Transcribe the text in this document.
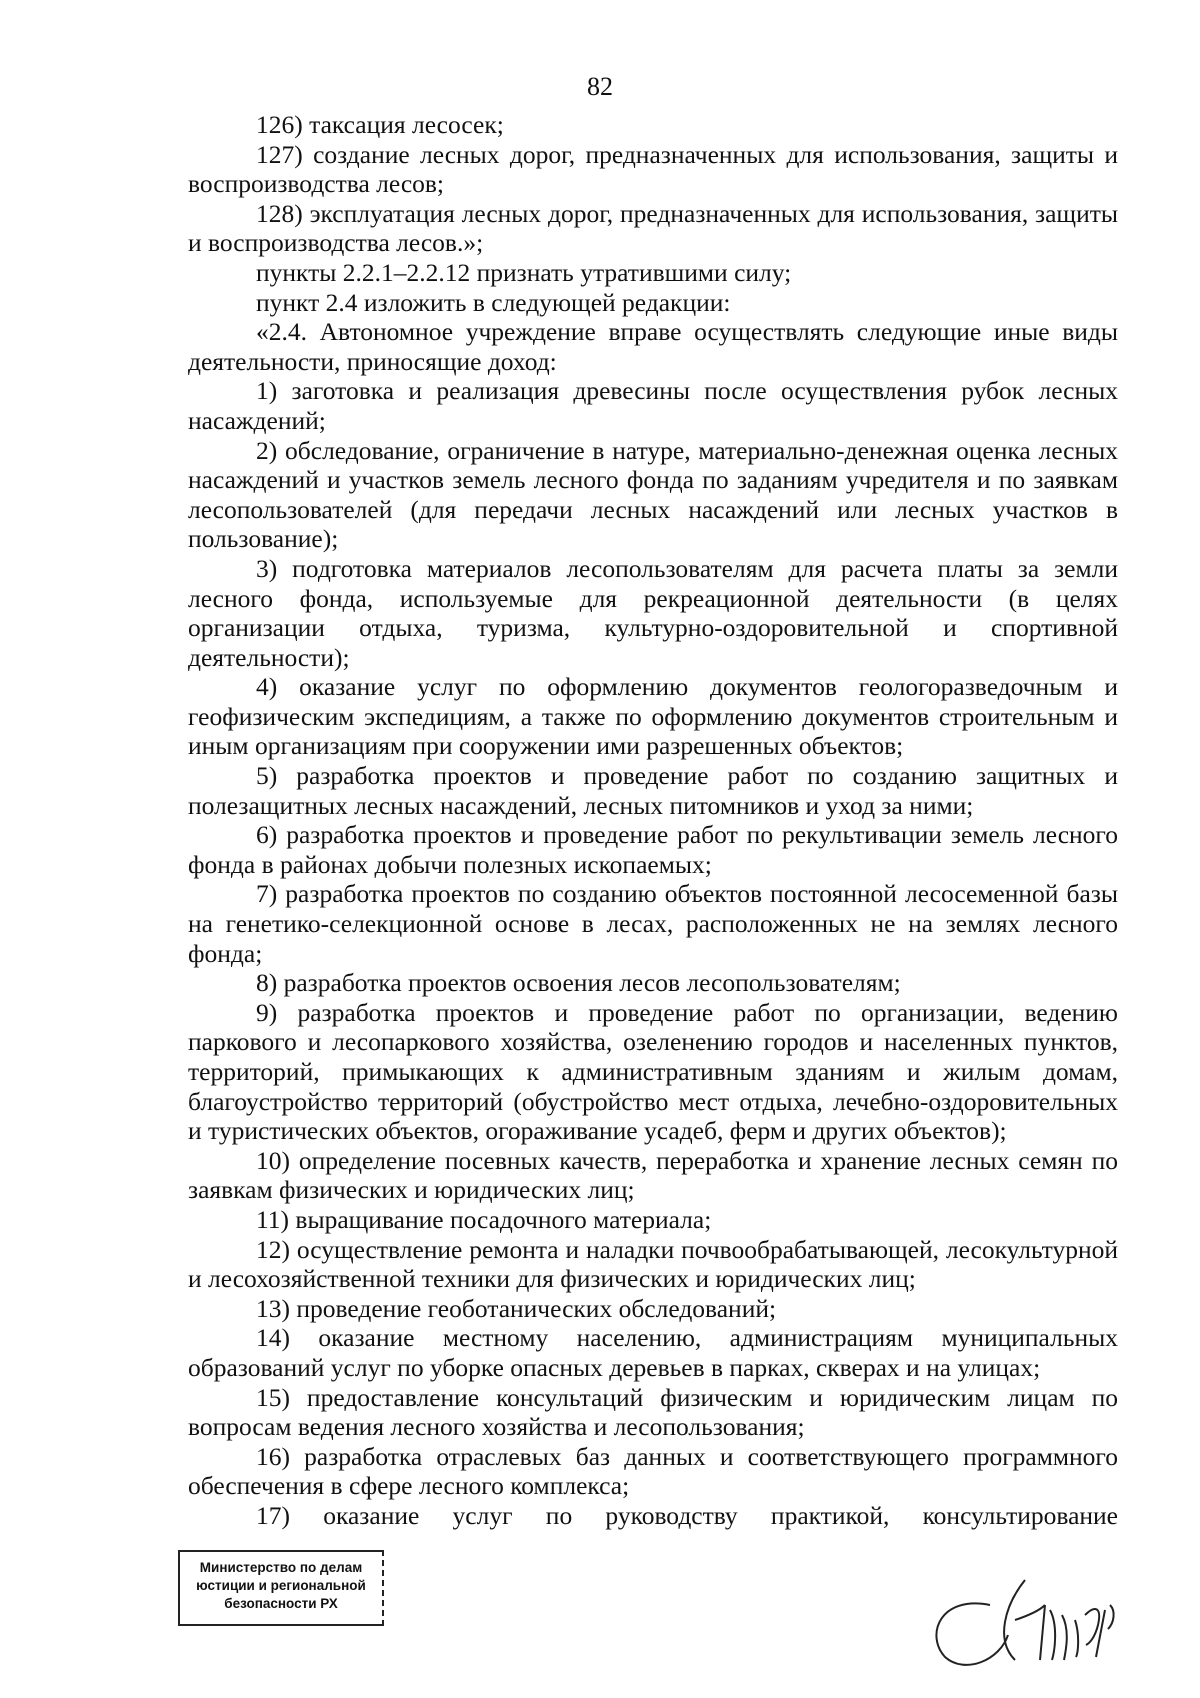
82

126) таксация лесосек;

127) создание лесных дорог, предназначенных для использования, защиты и воспроизводства лесов;

128) эксплуатация лесных дорог, предназначенных для использования, защиты и воспроизводства лесов.»;

пункты 2.2.1–2.2.12 признать утратившими силу;

пункт 2.4 изложить в следующей редакции:

«2.4. Автономное учреждение вправе осуществлять следующие иные виды деятельности, приносящие доход:

1) заготовка и реализация древесины после осуществления рубок лесных насаждений;

2) обследование, ограничение в натуре, материально-денежная оценка лесных насаждений и участков земель лесного фонда по заданиям учредителя и по заявкам лесопользователей (для передачи лесных насаждений или лесных участков в пользование);

3) подготовка материалов лесопользователям для расчета платы за земли лесного фонда, используемые для рекреационной деятельности (в целях организации отдыха, туризма, культурно-оздоровительной и спортивной деятельности);

4) оказание услуг по оформлению документов геологоразведочным и геофизическим экспедициям, а также по оформлению документов строительным и иным организациям при сооружении ими разрешенных объектов;

5) разработка проектов и проведение работ по созданию защитных и полезащитных лесных насаждений, лесных питомников и уход за ними;

6) разработка проектов и проведение работ по рекультивации земель лесного фонда в районах добычи полезных ископаемых;

7) разработка проектов по созданию объектов постоянной лесосеменной базы на генетико-селекционной основе в лесах, расположенных не на землях лесного фонда;

8) разработка проектов освоения лесов лесопользователям;

9) разработка проектов и проведение работ по организации, ведению паркового и лесопаркового хозяйства, озеленению городов и населенных пунктов, территорий, примыкающих к административным зданиям и жилым домам, благоустройство территорий (обустройство мест отдыха, лечебно-оздоровительных и туристических объектов, огораживание усадеб, ферм и других объектов);

10) определение посевных качеств, переработка и хранение лесных семян по заявкам физических и юридических лиц;

11) выращивание посадочного материала;

12) осуществление ремонта и наладки почвообрабатывающей, лесокультурной и лесохозяйственной техники для физических и юридических лиц;

13) проведение геоботанических обследований;

14) оказание местному населению, администрациям муниципальных образований услуг по уборке опасных деревьев в парках, скверах и на улицах;

15) предоставление консультаций физическим и юридическим лицам по вопросам ведения лесного хозяйства и лесопользования;

16) разработка отраслевых баз данных и соответствующего программного обеспечения в сфере лесного комплекса;

17) оказание услуг по руководству практикой, консультирование

Министерство по делам
юстиции и региональной
безопасности РХ
